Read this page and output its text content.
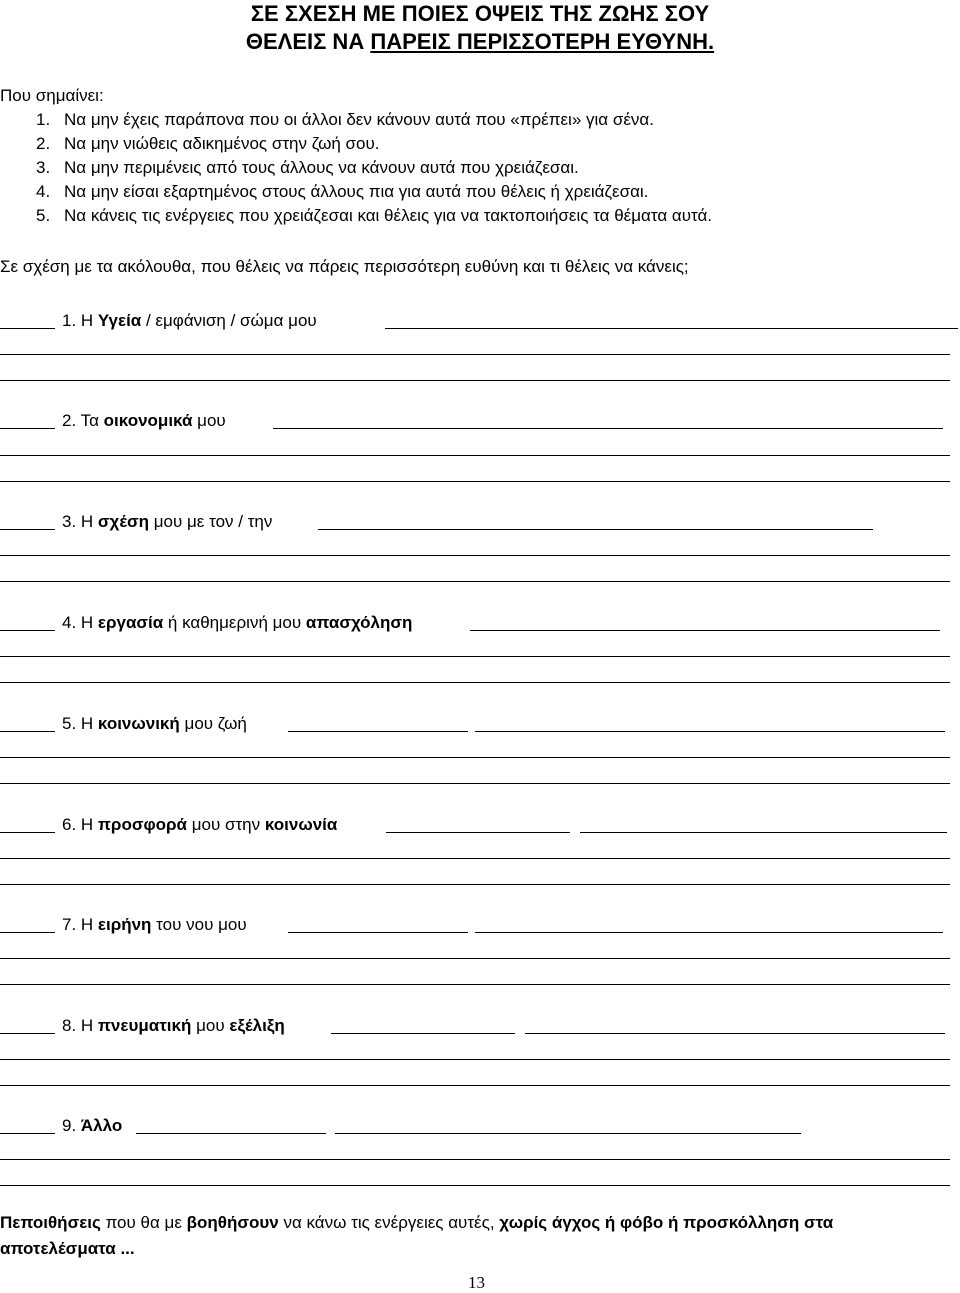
ΣΕ ΣΧΕΣΗ ΜΕ ΠΟΙΕΣ ΟΨΕΙΣ ΤΗΣ ΖΩΗΣ ΣΟΥ
ΘΕΛΕΙΣ ΝΑ ΠΑΡΕΙΣ ΠΕΡΙΣΣΟΤΕΡΗ ΕΥΘΥΝΗ.
Που σημαίνει:
1. Να μην έχεις παράπονα που οι άλλοι δεν κάνουν αυτά που «πρέπει» για σένα.
2. Να μην νιώθεις αδικημένος στην ζωή σου.
3. Να μην περιμένεις από τους άλλους να κάνουν αυτά που χρειάζεσαι.
4. Να μην είσαι εξαρτημένος στους άλλους πια για αυτά που θέλεις ή χρειάζεσαι.
5. Να κάνεις τις ενέργειες που χρειάζεσαι και θέλεις για να τακτοποιήσεις τα θέματα αυτά.
Σε σχέση με τα ακόλουθα, που θέλεις να πάρεις περισσότερη ευθύνη και τι θέλεις να κάνεις;
1. Η Υγεία / εμφάνιση / σώμα μου
2. Τα οικονομικά μου
3. Η σχέση μου με τον / την
4. Η εργασία ή καθημερινή μου απασχόληση
5. Η κοινωνική μου ζωή
6. Η προσφορά μου στην κοινωνία
7. Η ειρήνη του νου μου
8. Η πνευματική μου εξέλιξη
9. Άλλο
Πεποιθήσεις που θα με βοηθήσουν να κάνω τις ενέργειες αυτές, χωρίς άγχος ή φόβο ή προσκόλληση στα
αποτελέσματα ...
13
